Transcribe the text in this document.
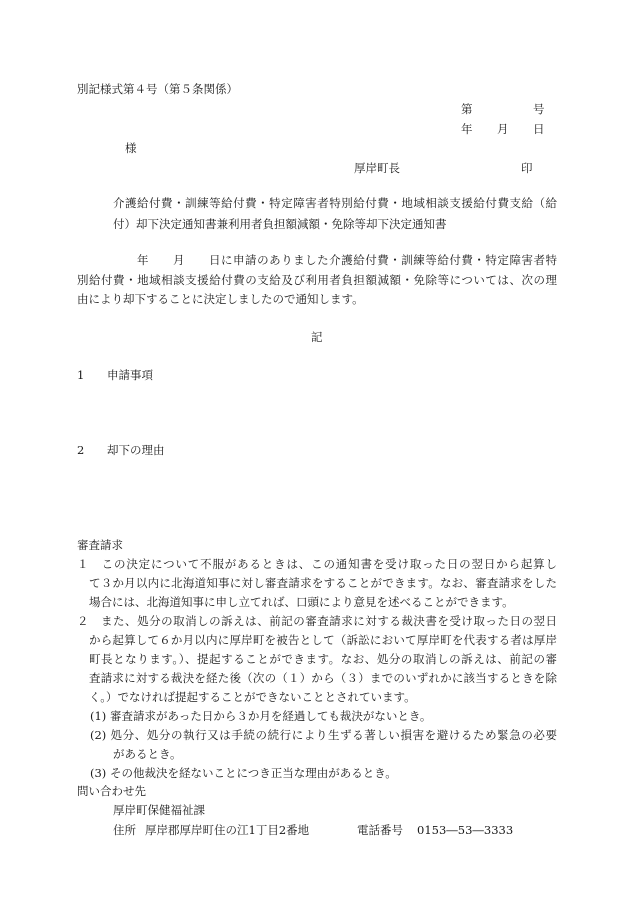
別記様式第４号（第５条関係）
第	号
年 月 日
様
厚岸町長	印
介護給付費・訓練等給付費・特定障害者特別給付費・地域相談支援給付費支給（給
付）却下決定通知書兼利用者負担額減額・免除等却下決定通知書
年 月 日に申請のありました介護給付費・訓練等給付費・特定障害者特
別給付費・地域相談支援給付費の支給及び利用者負担額減額・免除等については、次の理
由により却下することに決定しましたので通知します。
記
1 申請事項
2 却下の理由
審査請求
１　この決定について不服があるときは、この通知書を受け取った日の翌日から起算し
て３か月以内に北海道知事に対し審査請求をすることができます。なお、審査請求をした
場合には、北海道知事に申し立てれば、口頭により意見を述べることができます。
２　また、処分の取消しの訴えは、前記の審査請求に対する裁決書を受け取った日の翌日
から起算して６か月以内に厚岸町を被告として（訴訟において厚岸町を代表する者は厚岸
町長となります。）、提起することができます。なお、処分の取消しの訴えは、前記の審
査請求に対する裁決を経た後（次の（１）から（３）までのいずれかに該当するときを除
く。）でなければ提起することができないこととされています。
(1) 審査請求があった日から３か月を経過しても裁決がないとき。
(2) 処分、処分の執行又は手続の続行により生ずる著しい損害を避けるため緊急の必要
があるとき。
(3) その他裁決を経ないことにつき正当な理由があるとき。
問い合わせ先
厚岸町保健福祉課
住所 厚岸郡厚岸町住の江1丁目2番地	電話番号 0153―53―3333
